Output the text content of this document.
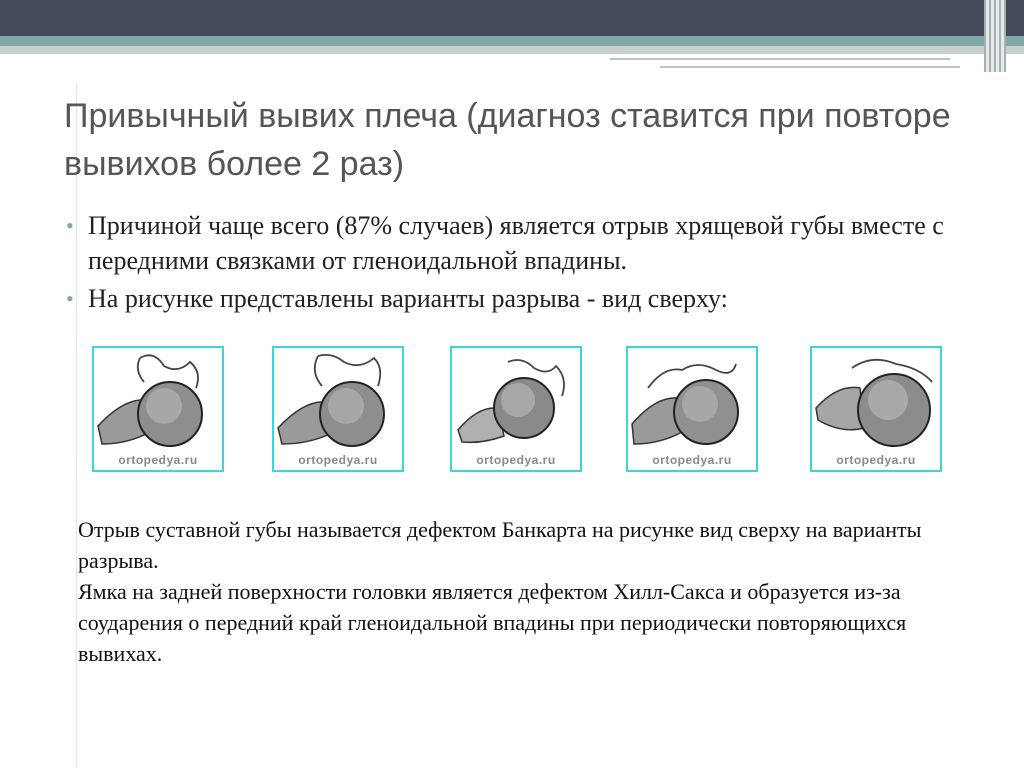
Привычный вывих плеча (диагноз ставится при повторе вывихов более 2 раз)
• Причиной чаще всего (87% случаев) является отрыв хрящевой губы вместе с передними связками от гленоидальной впадины.
• На рисунке представлены варианты разрыва - вид сверху:
ortopedya.ru	ortopedya.ru	ortopedya.ru	ortopedya.ru	ortopedya.ru

Отрыв суставной губы называется дефектом Банкарта на рисунке вид сверху на варианты разрыва.

Ямка на задней поверхности головки является дефектом Хилл-Сакса и образуется из-за соударения о передний край гленоидальной впадины при периодически повторяющихся вывихах.
